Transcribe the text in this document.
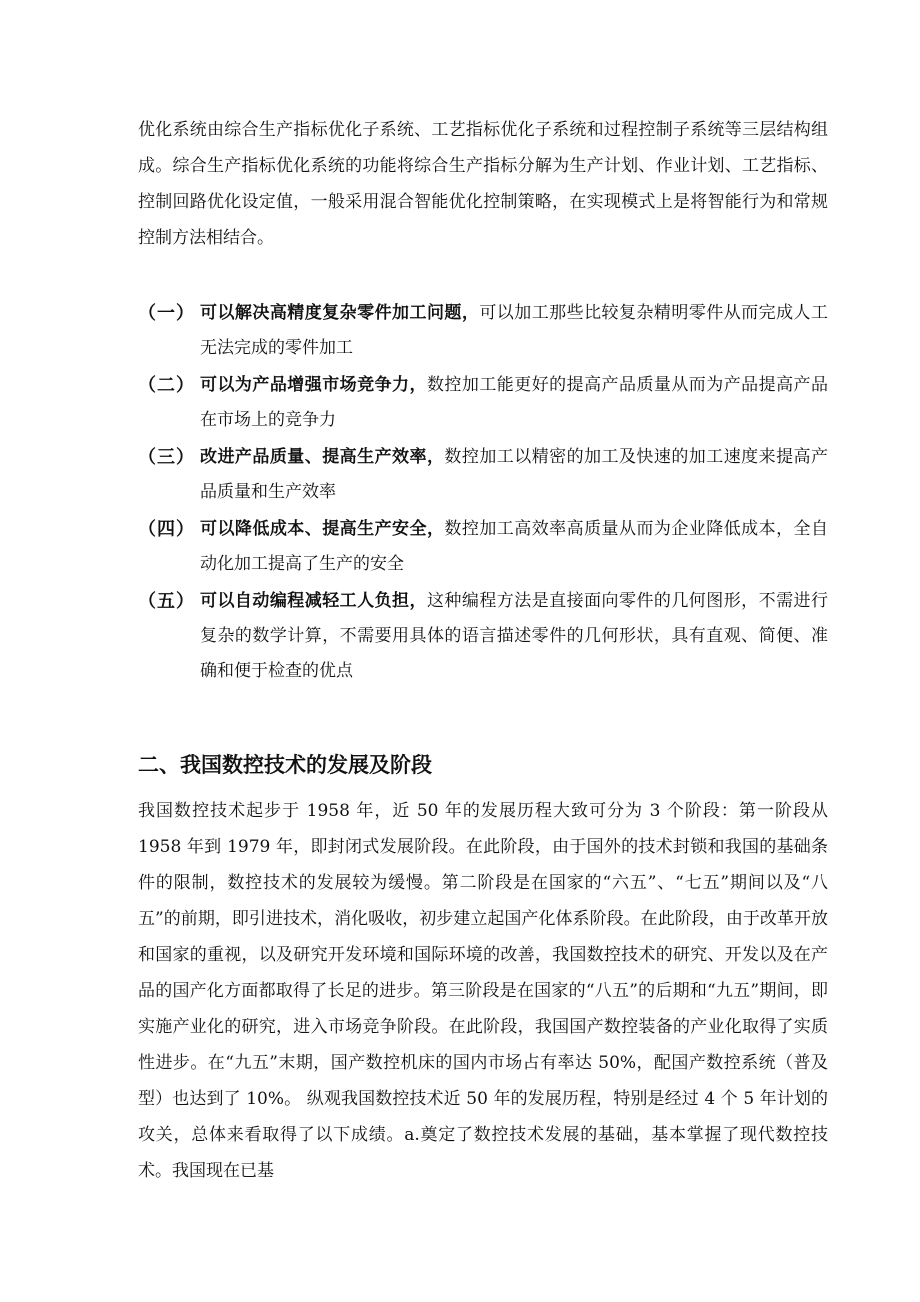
优化系统由综合生产指标优化子系统、工艺指标优化子系统和过程控制子系统等三层结构组成。综合生产指标优化系统的功能将综合生产指标分解为生产计划、作业计划、工艺指标、控制回路优化设定值，一般采用混合智能优化控制策略，在实现模式上是将智能行为和常规控制方法相结合。

（一） 可以解决高精度复杂零件加工问题，可以加工那些比较复杂精明零件从而完成人工无法完成的零件加工
（二） 可以为产品增强市场竞争力，数控加工能更好的提高产品质量从而为产品提高产品在市场上的竞争力
（三） 改进产品质量、提高生产效率，数控加工以精密的加工及快速的加工速度来提高产品质量和生产效率
（四） 可以降低成本、提高生产安全，数控加工高效率高质量从而为企业降低成本，全自动化加工提高了生产的安全
（五） 可以自动编程减轻工人负担，这种编程方法是直接面向零件的几何图形，不需进行复杂的数学计算，不需要用具体的语言描述零件的几何形状，具有直观、简便、准确和便于检查的优点
二、我国数控技术的发展及阶段

我国数控技术起步于 1958 年，近 50 年的发展历程大致可分为 3 个阶段：第一阶段从 1958 年到 1979 年，即封闭式发展阶段。在此阶段，由于国外的技术封锁和我国的基础条件的限制，数控技术的发展较为缓慢。第二阶段是在国家的“六五”、“七五”期间以及“八五”的前期，即引进技术，消化吸收，初步建立起国产化体系阶段。在此阶段，由于改革开放和国家的重视，以及研究开发环境和国际环境的改善，我国数控技术的研究、开发以及在产品的国产化方面都取得了长足的进步。第三阶段是在国家的“八五”的后期和“九五”期间，即实施产业化的研究，进入市场竞争阶段。在此阶段，我国国产数控装备的产业化取得了实质性进步。在“九五”末期，国产数控机床的国内市场占有率达 50%，配国产数控系统（普及型）也达到了 10%。 纵观我国数控技术近 50 年的发展历程，特别是经过 4 个 5 年计划的攻关，总体来看取得了以下成绩。a.奠定了数控技术发展的基础，基本掌握了现代数控技术。我国现在已基
